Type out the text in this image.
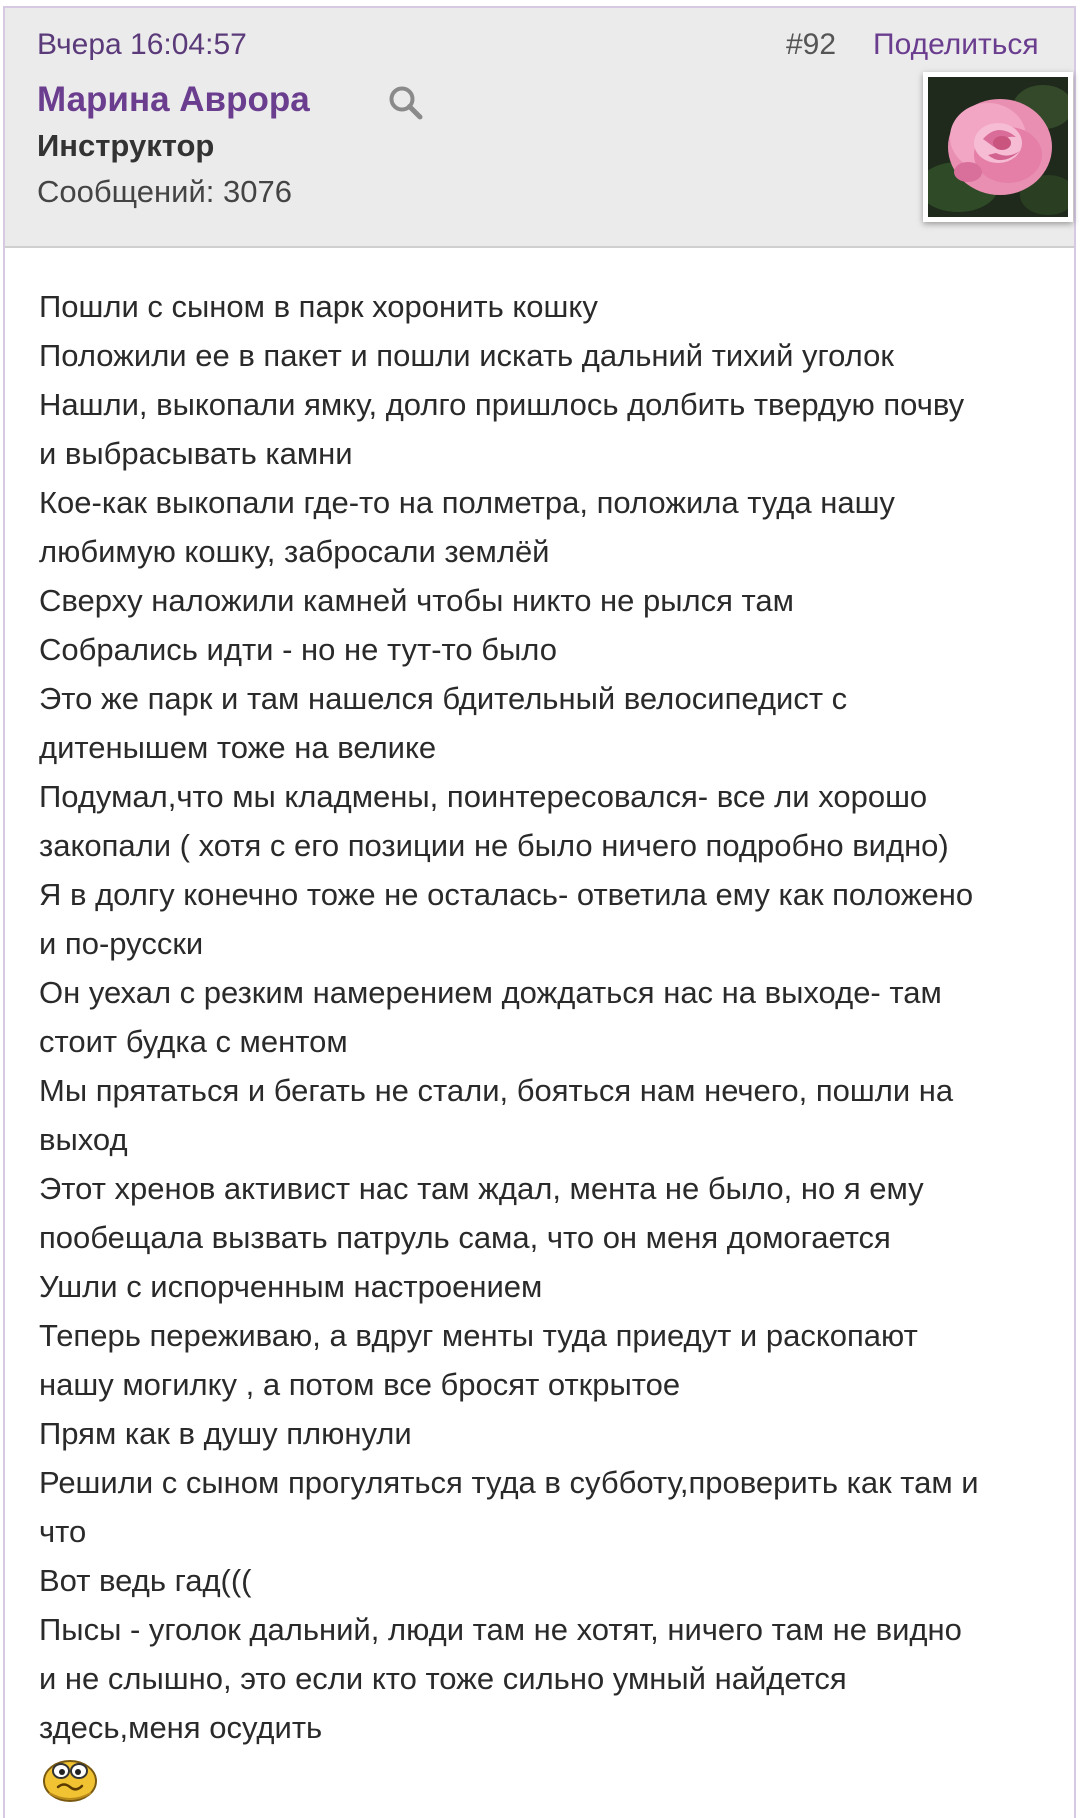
Вчера 16:04:57	#92 Поделиться
Марина Аврора
Инструктор
Сообщений: 3076
Пошли с сыном в парк хоронить кошку
Положили ее в пакет и пошли искать дальний тихий уголок
Нашли, выкопали ямку, долго пришлось долбить твердую почву
и выбрасывать камни
Кое-как выкопали где-то на полметра, положила туда нашу
любимую кошку, забросали землёй
Сверху наложили камней чтобы никто не рылся там
Собрались идти - но не тут-то было
Это же парк и там нашелся бдительный велосипедист с
дитенышем тоже на велике
Подумал,что мы кладмены, поинтересовался- все ли хорошо
закопали ( хотя с его позиции не было ничего подробно видно)
Я в долгу конечно тоже не осталась- ответила ему как положено
и по-русски
Он уехал с резким намерением дождаться нас на выходе- там
стоит будка с ментом
Мы прятаться и бегать не стали, бояться нам нечего, пошли на
выход
Этот хренов активист нас там ждал, мента не было, но я ему
пообещала вызвать патруль сама, что он меня домогается
Ушли с испорченным настроением
Теперь переживаю, а вдруг менты туда приедут и раскопают
нашу могилку , а потом все бросят открытое
Прям как в душу плюнули
Решили с сыном прогуляться туда в субботу,проверить как там и
что
Вот ведь гад(((
Пысы - уголок дальний, люди там не хотят, ничего там не видно
и не слышно, это если кто тоже сильно умный найдется
здесь,меня осудить
